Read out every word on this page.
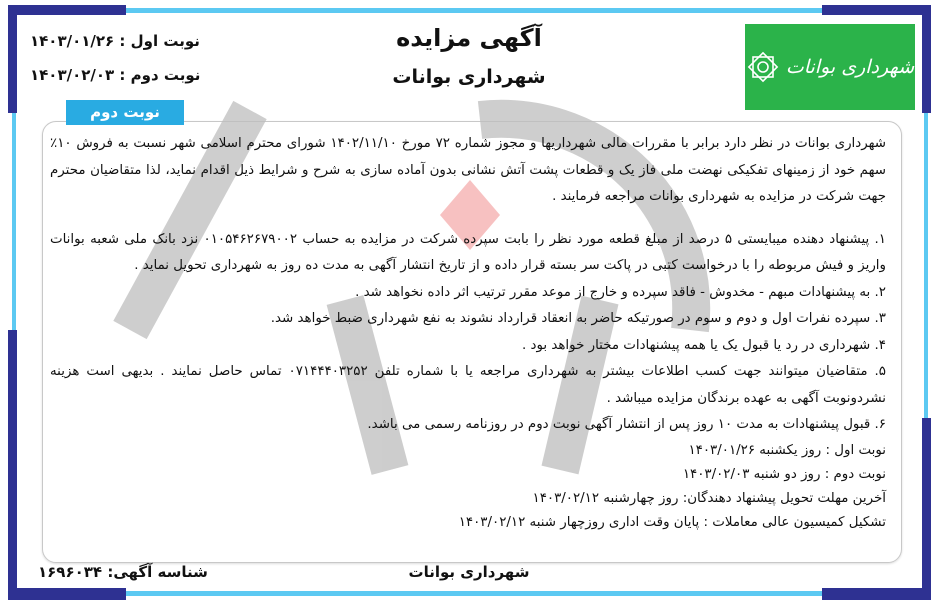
نوبت اول : ۱۴۰۳/۰۱/۲۶
نوبت دوم : ۱۴۰۳/۰۲/۰۳
آگهی مزایده
شهرداری بوانات	شهرداری بوانات
نوبت دوم

شهرداری بوانات در نظر دارد برابر با مقررات مالی شهرداریها و مجوز شماره ۷۲ مورخ ۱۴۰۲/۱۱/۱۰ شورای محترم اسلامی شهر نسبت به فروش ۱۰٪ سهم خود از زمینهای تفکیکی نهضت ملی فاز یک و قطعات پشت آتش نشانی بدون آماده سازی به شرح و شرایط ذیل اقدام نماید، لذا متقاضیان محترم جهت شرکت در مزایده به شهرداری بوانات مراجعه فرمایند .

۱. پیشنهاد دهنده میبایستی ۵ درصد از مبلغ قطعه مورد نظر را بابت سپرده شرکت در مزایده به حساب ۰۱۰۵۴۶۲۶۷۹۰۰۲ نزد بانک ملی شعبه بوانات واریز و فیش مربوطه را با درخواست کتبی در پاکت سر بسته قرار داده و از تاریخ انتشار آگهی به مدت ده روز به شهرداری تحویل نماید .

۲. به پیشنهادات مبهم - مخدوش - فاقد سپرده و خارج از موعد مقرر ترتیب اثر داده نخواهد شد .

۳. سپرده نفرات اول و دوم و سوم در صورتیکه حاضر به انعقاد قرارداد نشوند به نفع شهرداری ضبط خواهد شد.

۴. شهرداری در رد یا قبول یک یا همه پیشنهادات مختار خواهد بود .

۵. متقاضیان میتوانند جهت کسب اطلاعات بیشتر به شهرداری مراجعه یا با شماره تلفن ۰۷۱۴۴۴۰۳۲۵۲ تماس حاصل نمایند . بدیهی است هزینه نشردونوبت آگهی به عهده برندگان مزایده میباشد .

۶. قبول پیشنهادات به مدت ۱۰ روز پس از انتشار آگهی نوبت دوم در روزنامه رسمی می باشد.

نوبت اول : روز یکشنبه ۱۴۰۳/۰۱/۲۶

نوبت دوم : روز دو شنبه ۱۴۰۳/۰۲/۰۳

آخرین مهلت تحویل پیشنهاد دهندگان: روز چهارشنبه ۱۴۰۳/۰۲/۱۲

تشکیل کمیسیون عالی معاملات : پایان وقت اداری روزچهار شنبه ۱۴۰۳/۰۲/۱۲

شهرداری بوانات
شناسه آگهی: ۱۶۹۶۰۳۴
